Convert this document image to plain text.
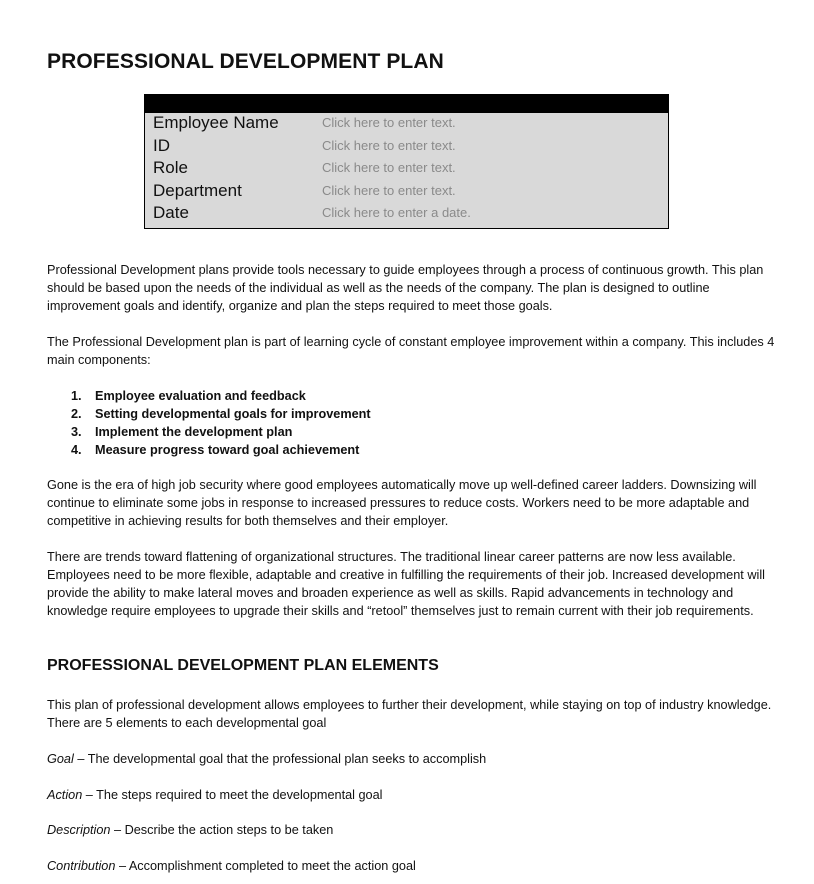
PROFESSIONAL DEVELOPMENT PLAN
Employee Name	Click here to enter text.
ID	Click here to enter text.
Role	Click here to enter text.
Department	Click here to enter text.
Date	Click here to enter a date.

Professional Development plans provide tools necessary to guide employees through a process of continuous growth. This plan should be based upon the needs of the individual as well as the needs of the company. The plan is designed to outline improvement goals and identify, organize and plan the steps required to meet those goals.

The Professional Development plan is part of learning cycle of constant employee improvement within a company. This includes 4 main components:

1. Employee evaluation and feedback
2. Setting developmental goals for improvement
3. Implement the development plan
4. Measure progress toward goal achievement

Gone is the era of high job security where good employees automatically move up well-defined career ladders. Downsizing will continue to eliminate some jobs in response to increased pressures to reduce costs. Workers need to be more adaptable and competitive in achieving results for both themselves and their employer.

There are trends toward flattening of organizational structures. The traditional linear career patterns are now less available. Employees need to be more flexible, adaptable and creative in fulfilling the requirements of their job. Increased development will provide the ability to make lateral moves and broaden experience as well as skills. Rapid advancements in technology and knowledge require employees to upgrade their skills and “retool” themselves just to remain current with their job requirements.

PROFESSIONAL DEVELOPMENT PLAN ELEMENTS

This plan of professional development allows employees to further their development, while staying on top of industry knowledge. There are 5 elements to each developmental goal

Goal – The developmental goal that the professional plan seeks to accomplish

Action – The steps required to meet the developmental goal

Description – Describe the action steps to be taken

Contribution – Accomplishment completed to meet the action goal
